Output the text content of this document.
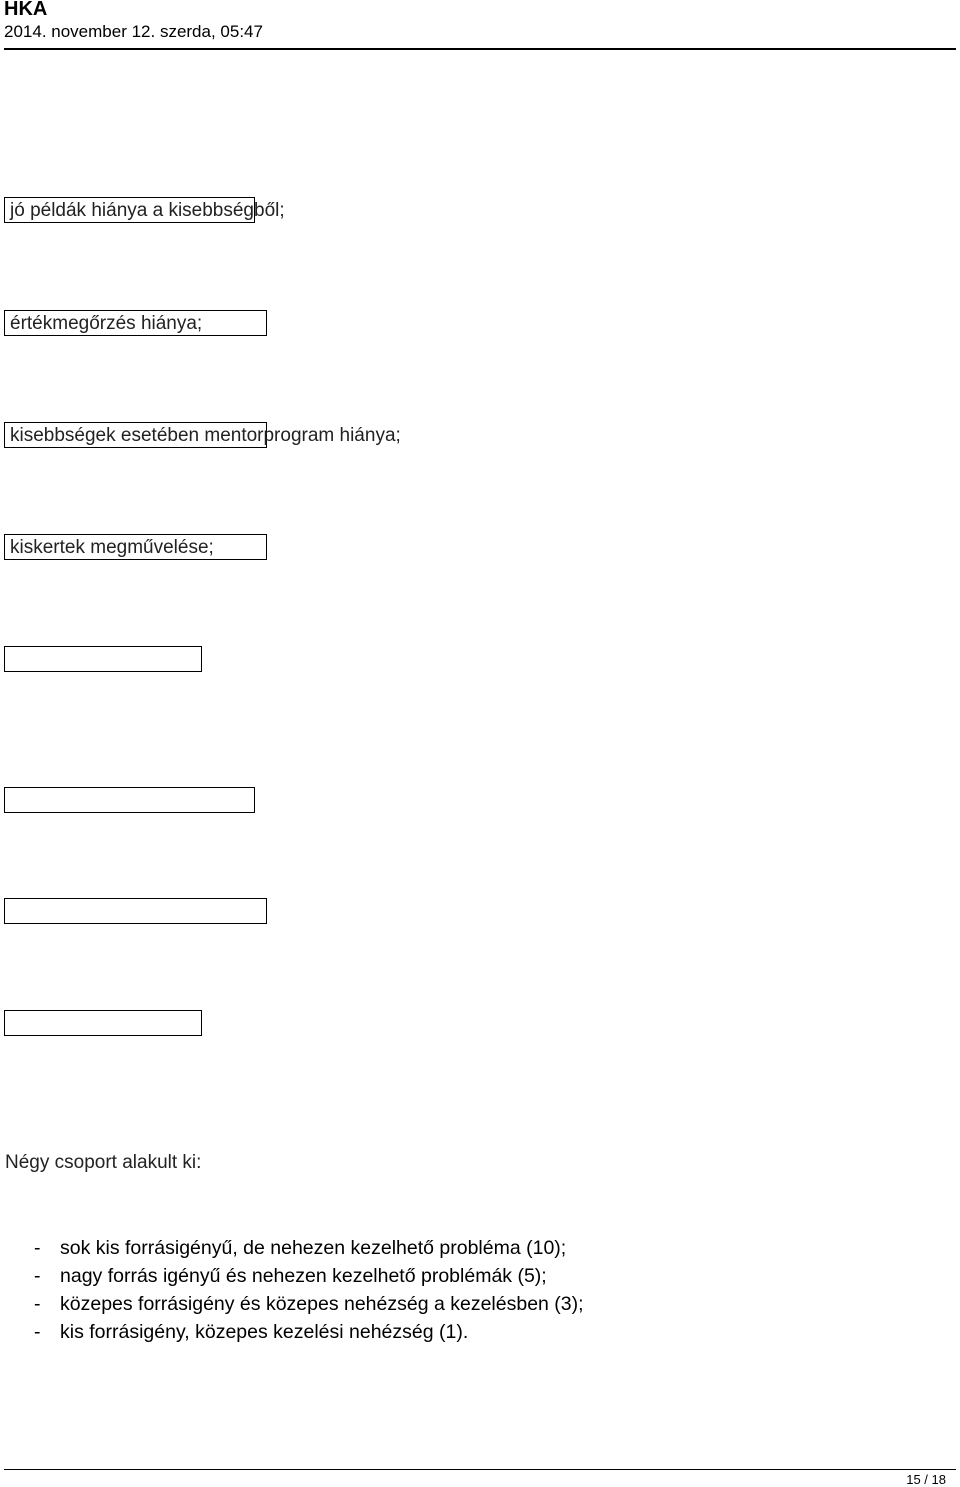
HKA
2014. november 12. szerda, 05:47
jó példák hiánya a kisebbségből;
értékmegőrzés hiánya;
kisebbségek esetében mentorprogram hiánya;
kiskertek megművelése;
Négy csoport alakult ki:
- sok kis forrásigényű, de nehezen kezelhető probléma (10);
- nagy forrás igényű és nehezen kezelhető problémák (5);
- közepes forrásigény és közepes nehézség a kezelésben (3);
- kis forrásigény, közepes kezelési nehézség (1).
15 / 18
